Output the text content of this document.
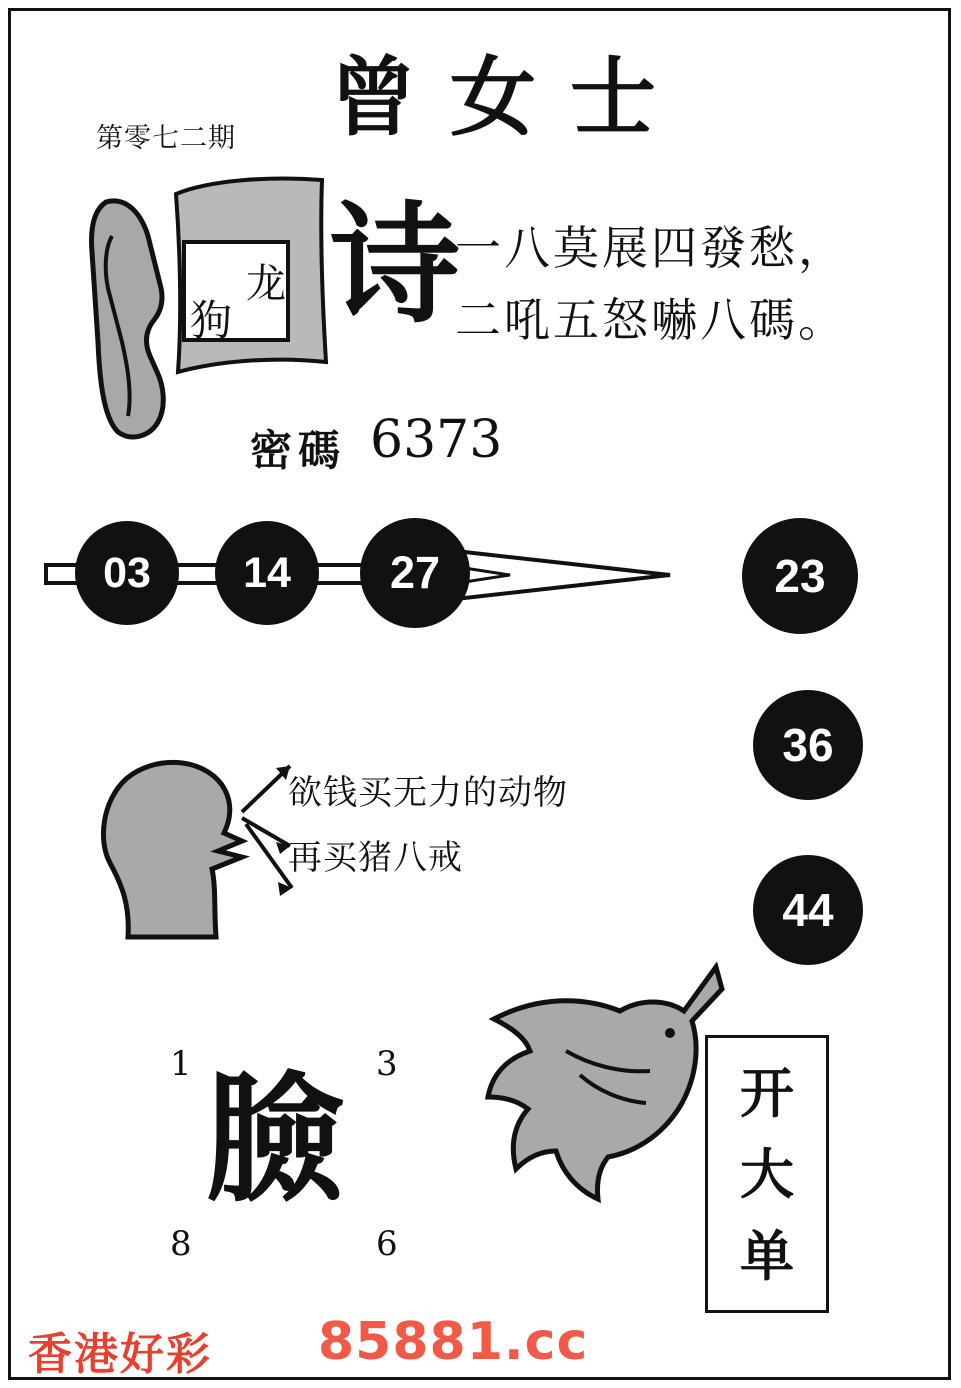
第零七二期 曾女士
龙
狗 诗
一八莫展四發愁，
二吼五怒嚇八碼。
密碼 6373
03	14	27	23
36
44
欲钱买无力的动物
再买猪八戒
1	3
臉
8	6
开
大
单
香港好彩 85881.cc
